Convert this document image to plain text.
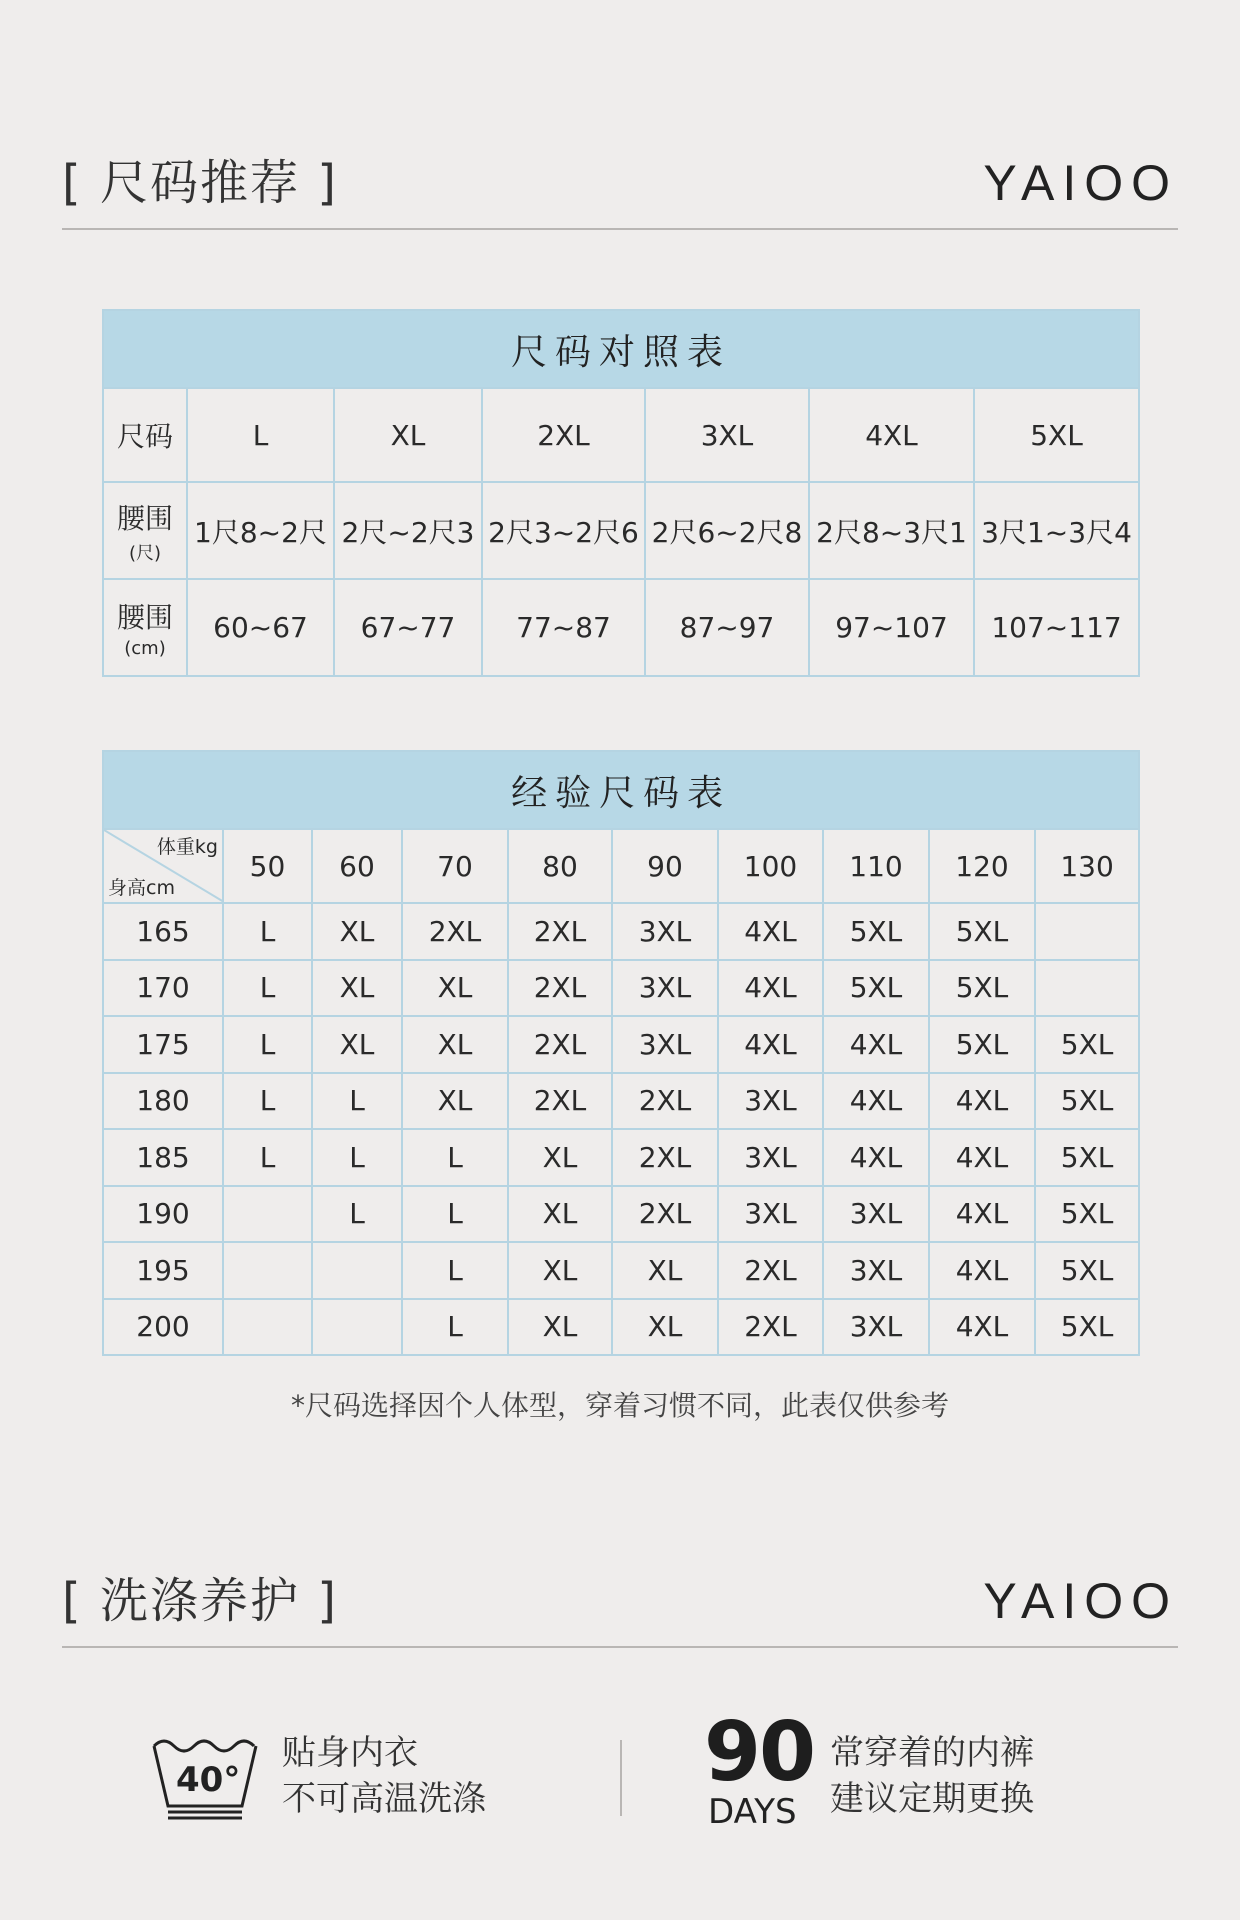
[ 尺码推荐 ]	YAIOO
尺码对照表						
尺码	L	XL	2XL	3XL	4XL	5XL
腰围
(尺)	1尺8~2尺	2尺~2尺3	2尺3~2尺6	2尺6~2尺8	2尺8~3尺1	3尺1~3尺4
腰围
(cm)	60~67	67~77	77~87	87~97	97~107	107~117
经验尺码表									

体重kg
身高cm	50	60	70	80	90	100	110	120	130
165	L	XL	2XL	2XL	3XL	4XL	5XL	5XL	
170	L	XL	XL	2XL	3XL	4XL	5XL	5XL	
175	L	XL	XL	2XL	3XL	4XL	4XL	5XL	5XL
180	L	L	XL	2XL	2XL	3XL	4XL	4XL	5XL
185	L	L	L	XL	2XL	3XL	4XL	4XL	5XL
190		L	L	XL	2XL	3XL	3XL	4XL	5XL
195			L	XL	XL	2XL	3XL	4XL	5XL
200			L	XL	XL	2XL	3XL	4XL	5XL
*尺码选择因个人体型，穿着习惯不同，此表仅供参考
[ 洗涤养护 ]	YAIOO
40°
贴身内衣
不可高温洗涤	90
DAYS
常穿着的内裤
建议定期更换
